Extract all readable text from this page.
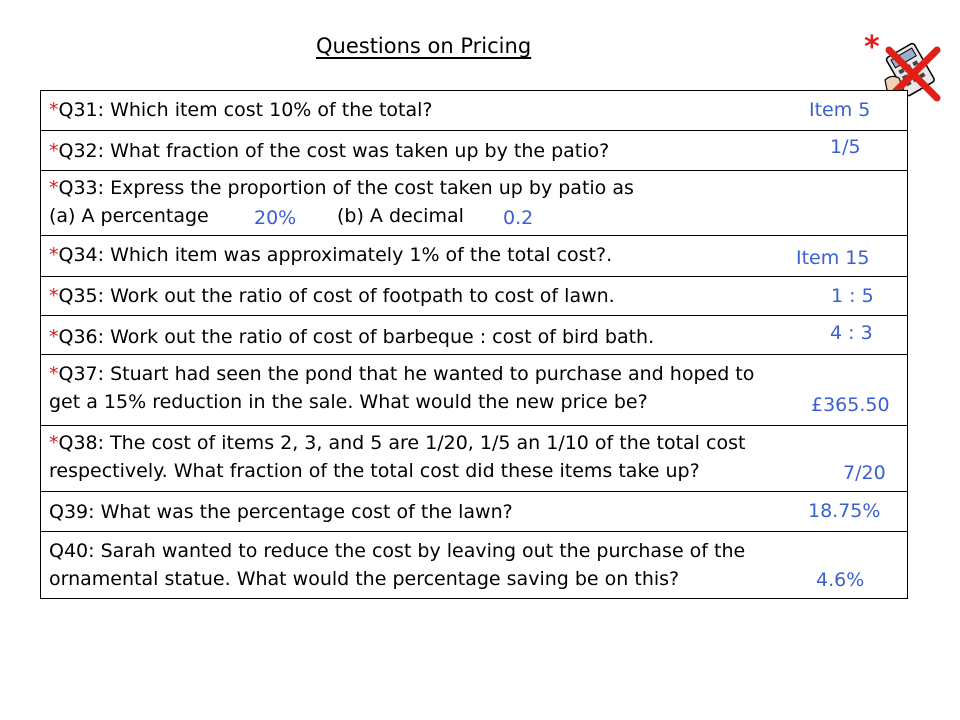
Questions on Pricing	*
*Q31: Which item cost 10% of the total?	Item 5
*Q32: What fraction of the cost was taken up by the patio?	1/5
*Q33: Express the proportion of the cost taken up by patio as
(a) A percentage 20% (b) A decimal 0.2
*Q34: Which item was approximately 1% of the total cost?.	Item 15
*Q35: Work out the ratio of cost of footpath to cost of lawn.	1 : 5
*Q36: Work out the ratio of cost of barbeque : cost of bird bath.	4 : 3
*Q37: Stuart had seen the pond that he wanted to purchase and hoped to
get a 15% reduction in the sale. What would the new price be?	£365.50
*Q38: The cost of items 2, 3, and 5 are 1/20, 1/5 an 1/10 of the total cost
respectively. What fraction of the total cost did these items take up?	7/20
Q39: What was the percentage cost of the lawn?	18.75%
Q40: Sarah wanted to reduce the cost by leaving out the purchase of the
ornamental statue. What would the percentage saving be on this?	4.6%
